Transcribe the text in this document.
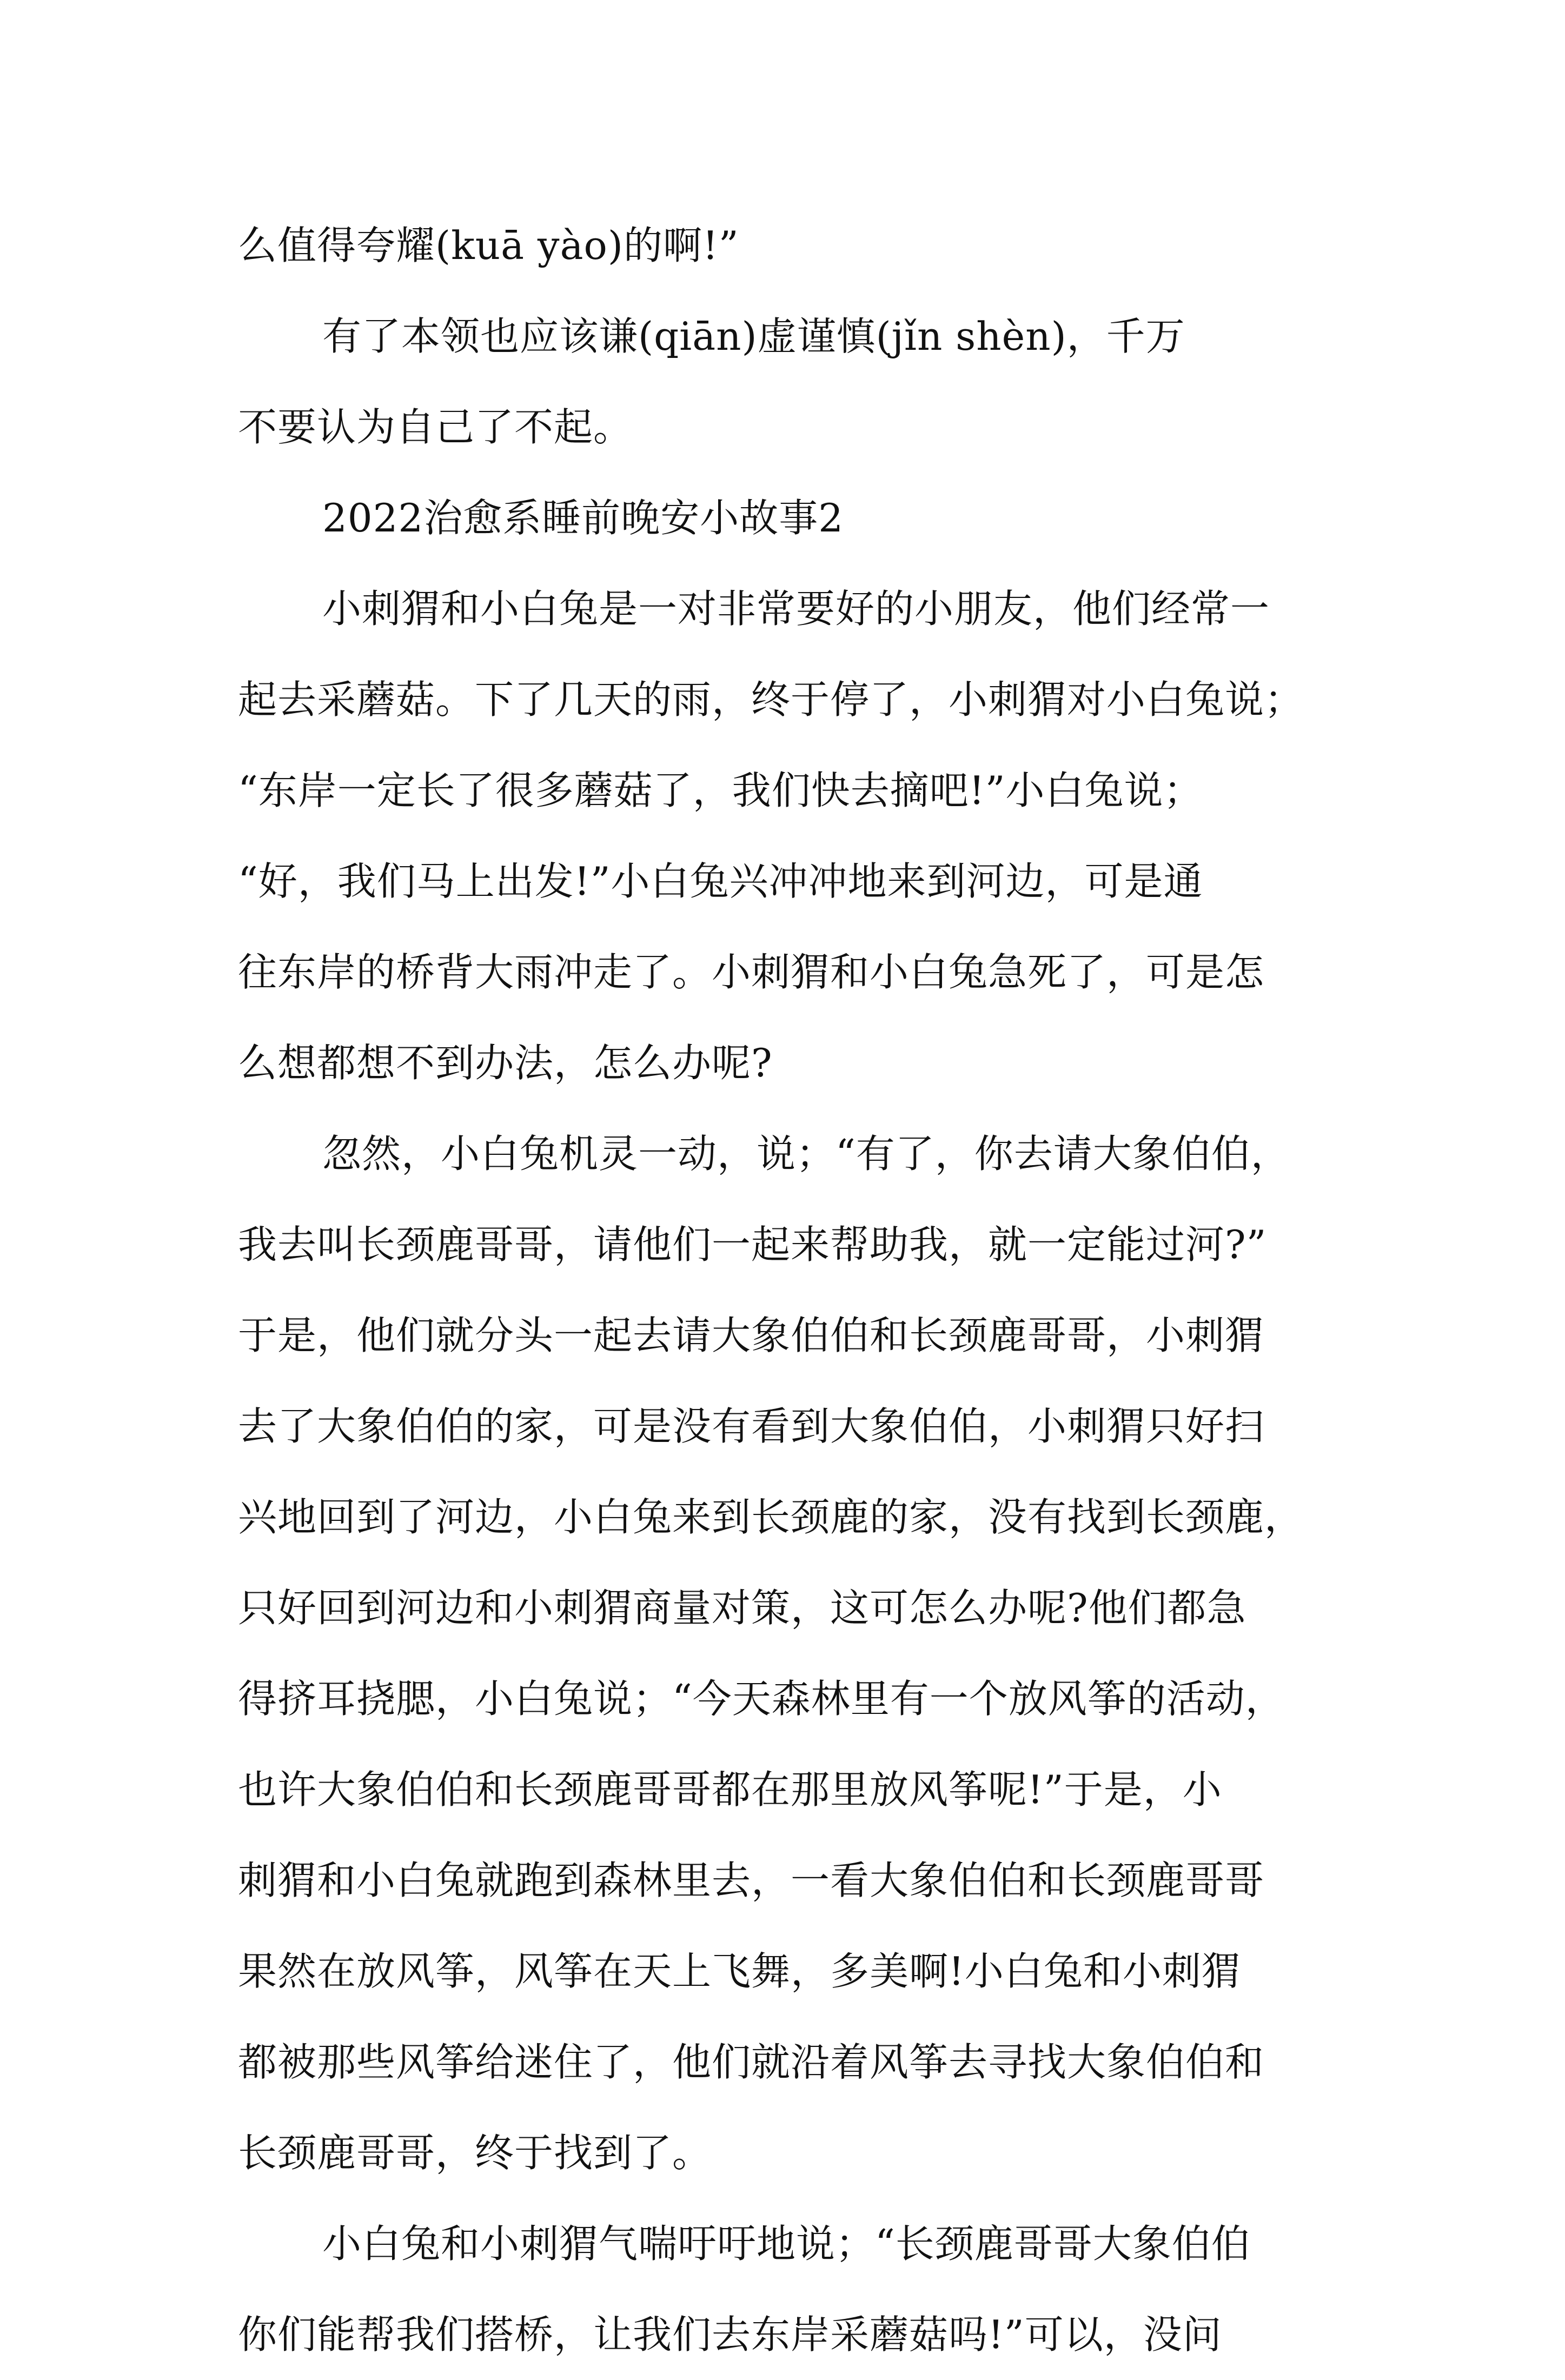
么值得夸耀(kuā yào)的啊!”
有了本领也应该谦(qiān)虚谨慎(jǐn shèn)，千万
不要认为自己了不起。
2022治愈系睡前晚安小故事2
小刺猬和小白兔是一对非常要好的小朋友，他们经常一
起去采蘑菇。下了几天的雨，终于停了，小刺猬对小白兔说；
“东岸一定长了很多蘑菇了，我们快去摘吧!”小白兔说；
“好，我们马上出发!”小白兔兴冲冲地来到河边，可是通
往东岸的桥背大雨冲走了。小刺猬和小白兔急死了，可是怎
么想都想不到办法，怎么办呢?
忽然，小白兔机灵一动，说；“有了，你去请大象伯伯，
我去叫长颈鹿哥哥，请他们一起来帮助我，就一定能过河?”
于是，他们就分头一起去请大象伯伯和长颈鹿哥哥，小刺猬
去了大象伯伯的家，可是没有看到大象伯伯，小刺猬只好扫
兴地回到了河边，小白兔来到长颈鹿的家，没有找到长颈鹿，
只好回到河边和小刺猬商量对策，这可怎么办呢?他们都急
得挤耳挠腮，小白兔说；“今天森林里有一个放风筝的活动，
也许大象伯伯和长颈鹿哥哥都在那里放风筝呢!”于是，小
刺猬和小白兔就跑到森林里去，一看大象伯伯和长颈鹿哥哥
果然在放风筝，风筝在天上飞舞，多美啊!小白兔和小刺猬
都被那些风筝给迷住了，他们就沿着风筝去寻找大象伯伯和
长颈鹿哥哥，终于找到了。
小白兔和小刺猬气喘吁吁地说；“长颈鹿哥哥大象伯伯
你们能帮我们搭桥，让我们去东岸采蘑菇吗!”可以，没问
